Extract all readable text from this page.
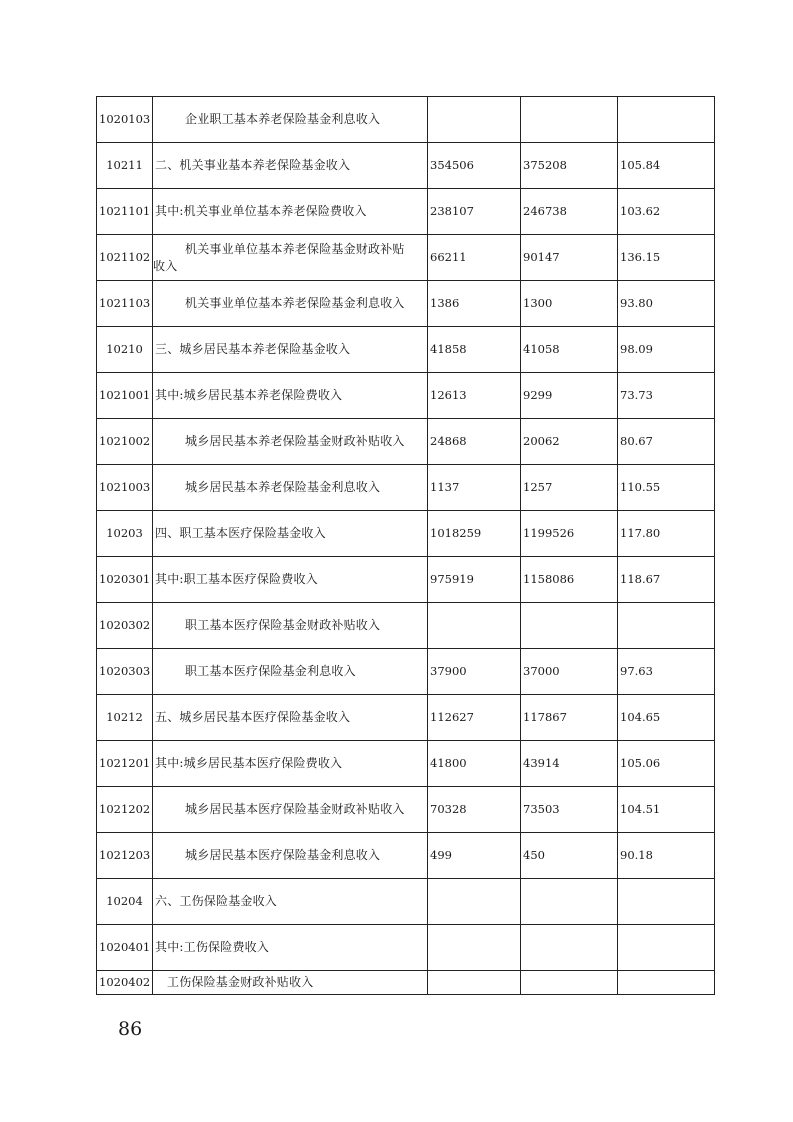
1020103	企业职工基本养老保险基金利息收入			
10211	二、机关事业基本养老保险基金收入	354506	375208	105.84
1021101	其中:机关事业单位基本养老保险费收入	238107	246738	103.62
1021102	机关事业单位基本养老保险基金财政补贴
收入	66211	90147	136.15
1021103	机关事业单位基本养老保险基金利息收入	1386	1300	93.80
10210	三、城乡居民基本养老保险基金收入	41858	41058	98.09
1021001	其中:城乡居民基本养老保险费收入	12613	9299	73.73
1021002	城乡居民基本养老保险基金财政补贴收入	24868	20062	80.67
1021003	城乡居民基本养老保险基金利息收入	1137	1257	110.55
10203	四、职工基本医疗保险基金收入	1018259	1199526	117.80
1020301	其中:职工基本医疗保险费收入	975919	1158086	118.67
1020302	职工基本医疗保险基金财政补贴收入			
1020303	职工基本医疗保险基金利息收入	37900	37000	97.63
10212	五、城乡居民基本医疗保险基金收入	112627	117867	104.65
1021201	其中:城乡居民基本医疗保险费收入	41800	43914	105.06
1021202	城乡居民基本医疗保险基金财政补贴收入	70328	73503	104.51
1021203	城乡居民基本医疗保险基金利息收入	499	450	90.18
10204	六、工伤保险基金收入			
1020401	其中:工伤保险费收入			
1020402	工伤保险基金财政补贴收入			
86
